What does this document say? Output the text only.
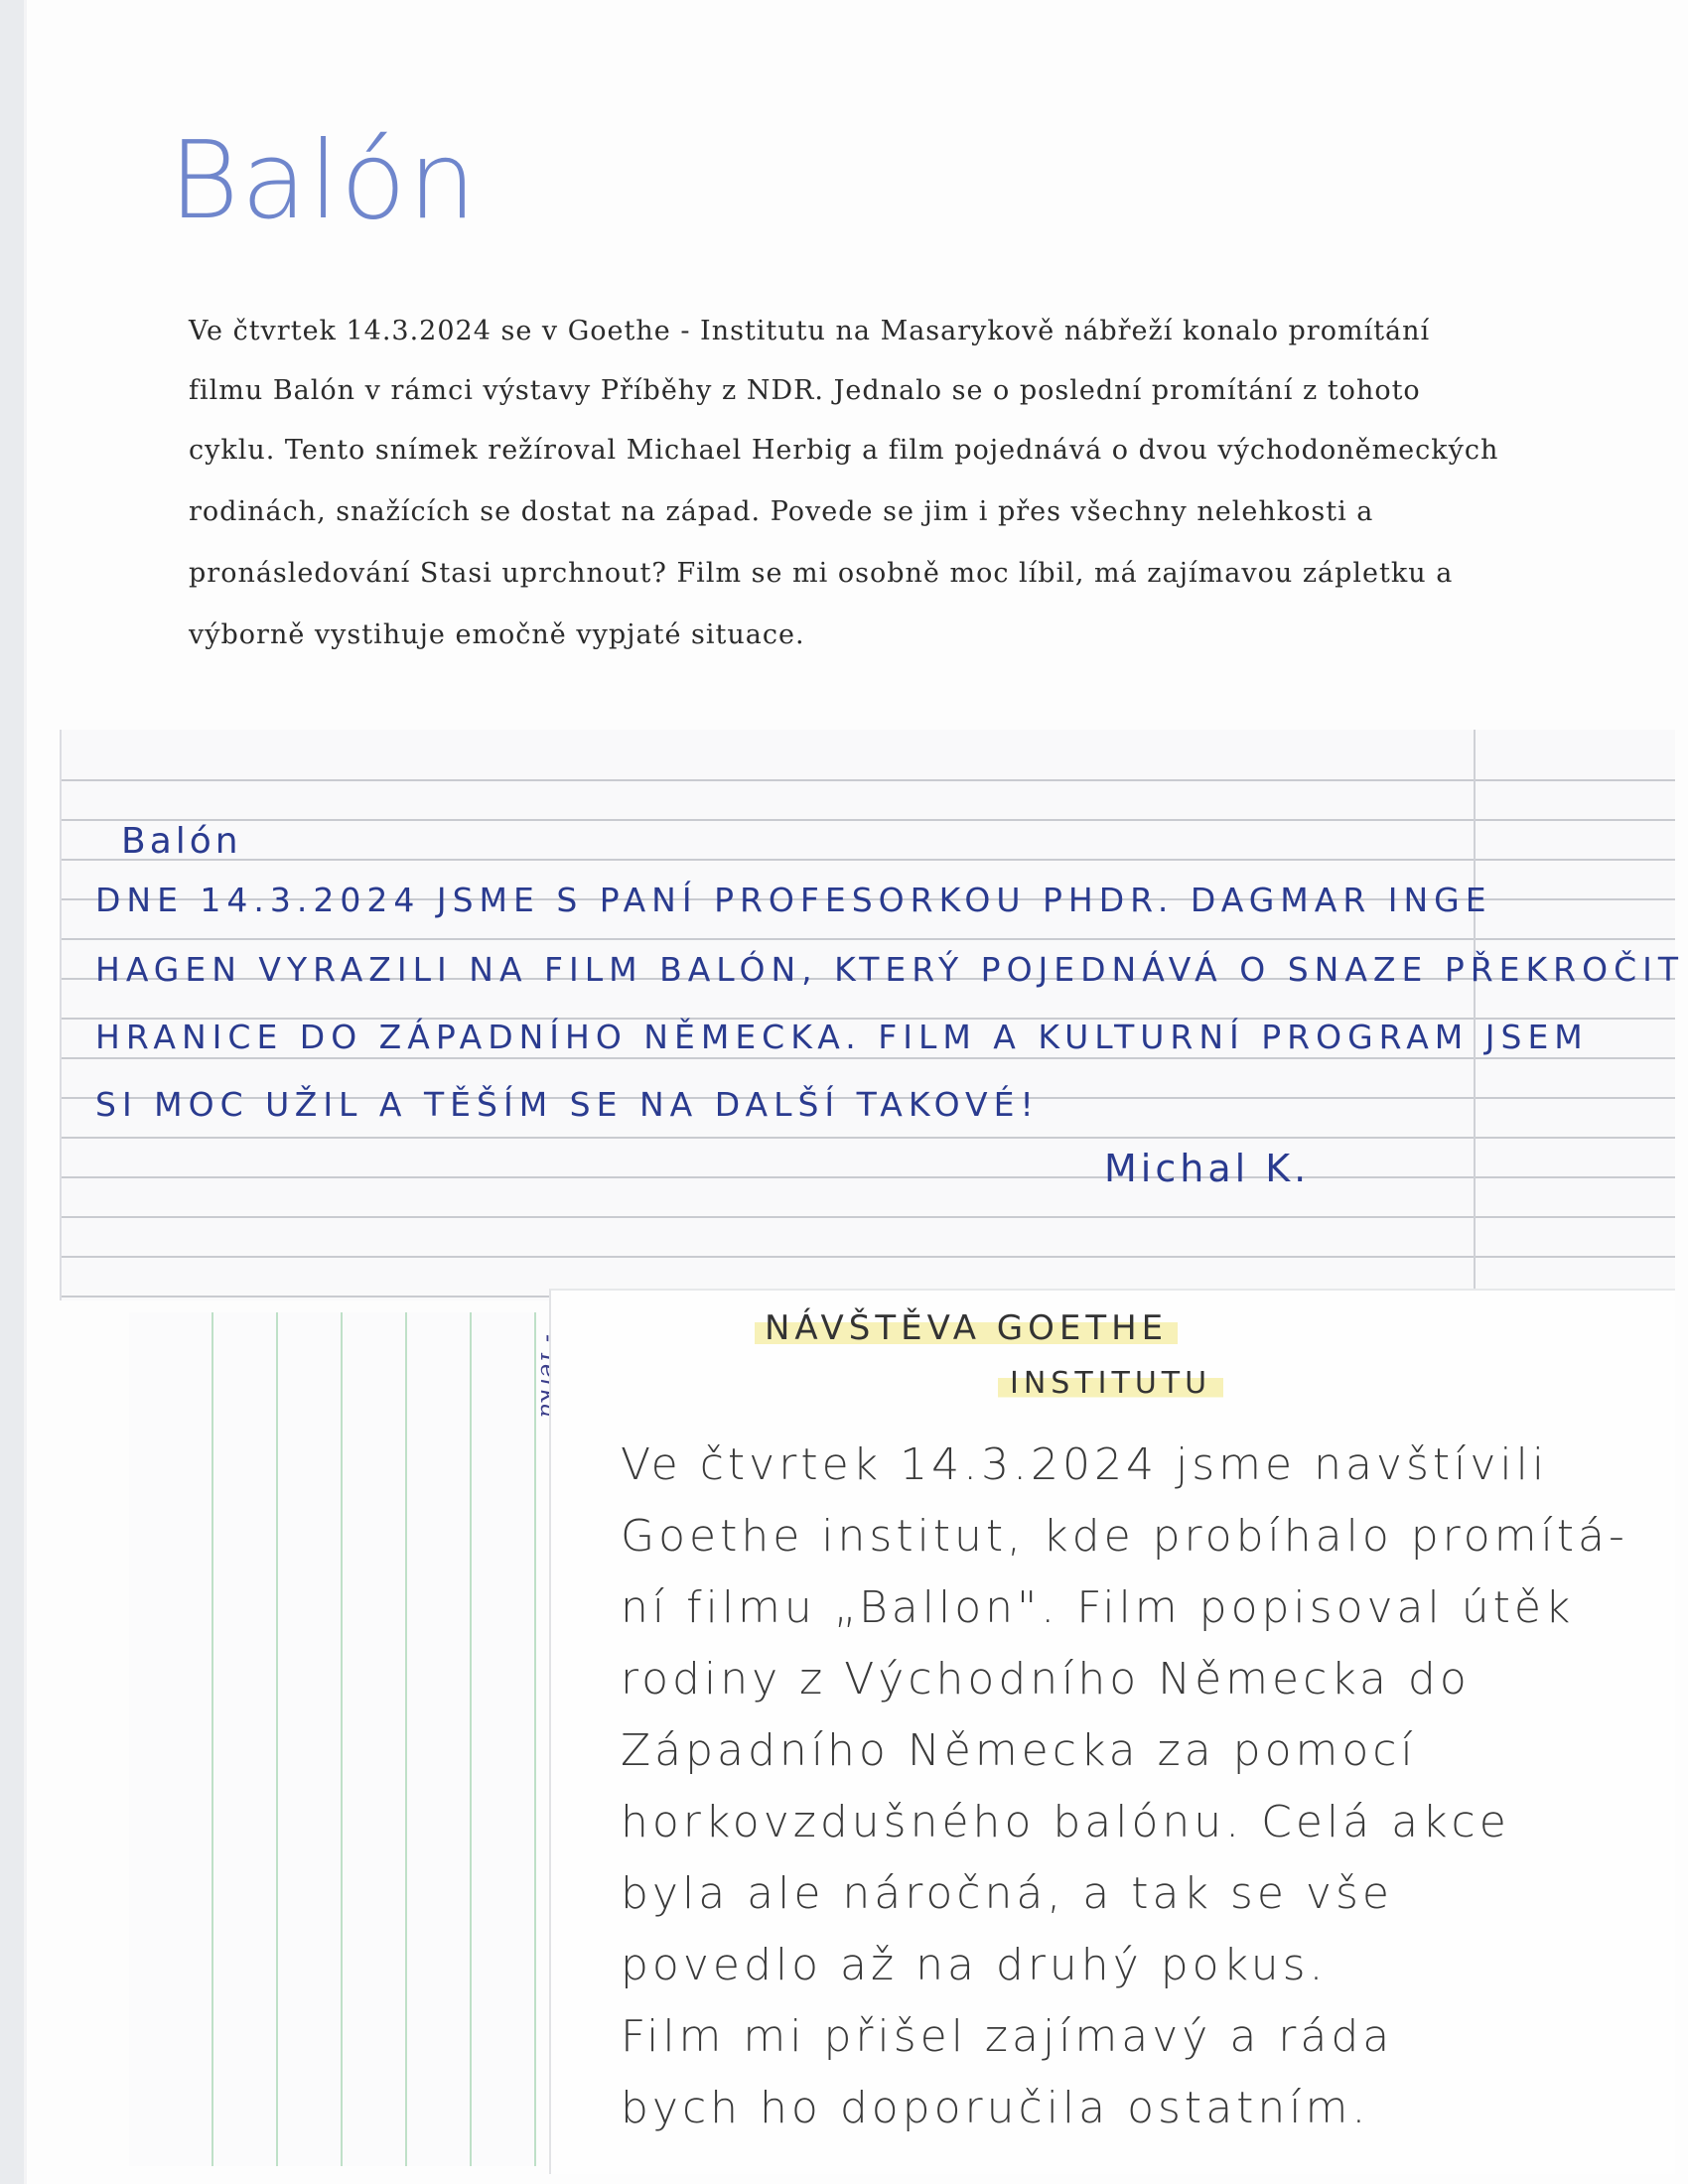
Balón
Ve čtvrtek 14.3.2024 se v Goethe - Institutu na Masarykově nábřeží konalo promítání
filmu Balón v rámci výstavy Příběhy z NDR. Jednalo se o poslední promítání z tohoto
cyklu. Tento snímek režíroval Michael Herbig a film pojednává o dvou východoněmeckých
rodinách, snažících se dostat na západ. Povede se jim i přes všechny nelehkosti a
pronásledování Stasi uprchnout? Film se mi osobně moc líbil, má zajímavou zápletku a
výborně vystihuje emočně vypjaté situace.
Balón
DNE 14.3.2024 JSME S PANÍ PROFESORKOU PHDR. DAGMAR INGE
HAGEN VYRAZILI NA FILM BALÓN, KTERÝ POJEDNÁVÁ O SNAZE PŘEKROČIT
HRANICE DO ZÁPADNÍHO NĚMECKA. FILM A KULTURNÍ PROGRAM JSEM
SI MOC UŽIL A TĚŠÍM SE NA DALŠÍ TAKOVÉ!
Michal K.
NÁVŠTĚVA GOETHE
INSTITUTU
Ve čtvrtek 14.3.2024 jsme navštívili
Goethe institut, kde probíhalo promítá-
ní filmu „Ballon". Film popisoval útěk
rodiny z Východního Německa do
Západního Německa za pomocí
horkovzdušného balónu. Celá akce
byla ale náročná, a tak se vše
povedlo až na druhý pokus.
Film mi přišel zajímavý a ráda
bych ho doporučila ostatním.
